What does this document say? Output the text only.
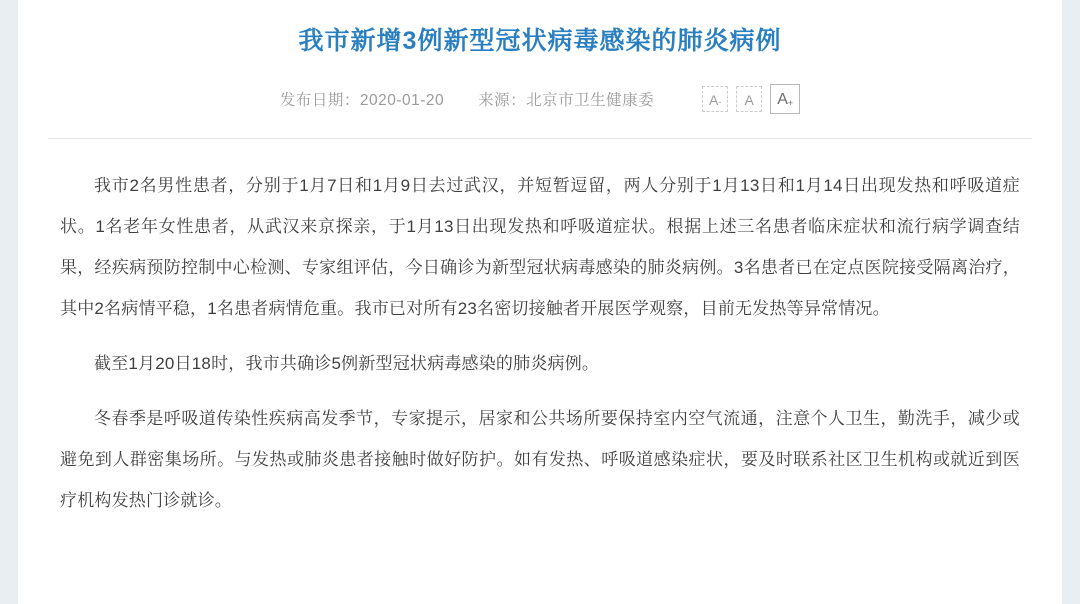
我市新增3例新型冠状病毒感染的肺炎病例
发布日期：2020-01-20 来源：北京市卫生健康委	A - A $A_+$

我市2名男性患者，分别于1月7日和1月9日去过武汉，并短暂逗留，两人分别于1月13日和1月14日出现发热和呼吸道症状。1名老年女性患者，从武汉来京探亲，于1月13日出现发热和呼吸道症状。根据上述三名患者临床症状和流行病学调查结果，经疾病预防控制中心检测、专家组评估，今日确诊为新型冠状病毒感染的肺炎病例。3名患者已在定点医院接受隔离治疗，其中2名病情平稳，1名患者病情危重。我市已对所有23名密切接触者开展医学观察，目前无发热等异常情况。

截至1月20日18时，我市共确诊5例新型冠状病毒感染的肺炎病例。

冬春季是呼吸道传染性疾病高发季节，专家提示，居家和公共场所要保持室内空气流通，注意个人卫生，勤洗手，减少或避免到人群密集场所。与发热或肺炎患者接触时做好防护。如有发热、呼吸道感染症状，要及时联系社区卫生机构或就近到医疗机构发热门诊就诊。
